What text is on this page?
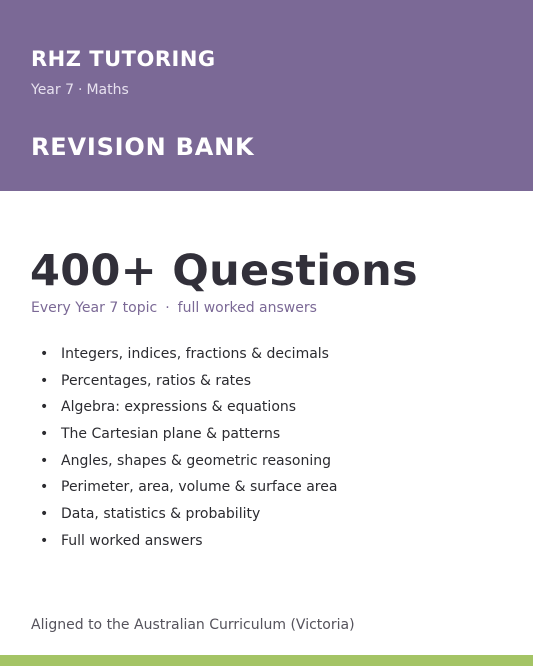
RHZ TUTORING
Year 7 · Maths
REVISION BANK
400+ Questions
Every Year 7 topic · full worked answers
• Integers, indices, fractions & decimals
• Percentages, ratios & rates
• Algebra: expressions & equations
• The Cartesian plane & patterns
• Angles, shapes & geometric reasoning
• Perimeter, area, volume & surface area
• Data, statistics & probability
• Full worked answers
Aligned to the Australian Curriculum (Victoria)
